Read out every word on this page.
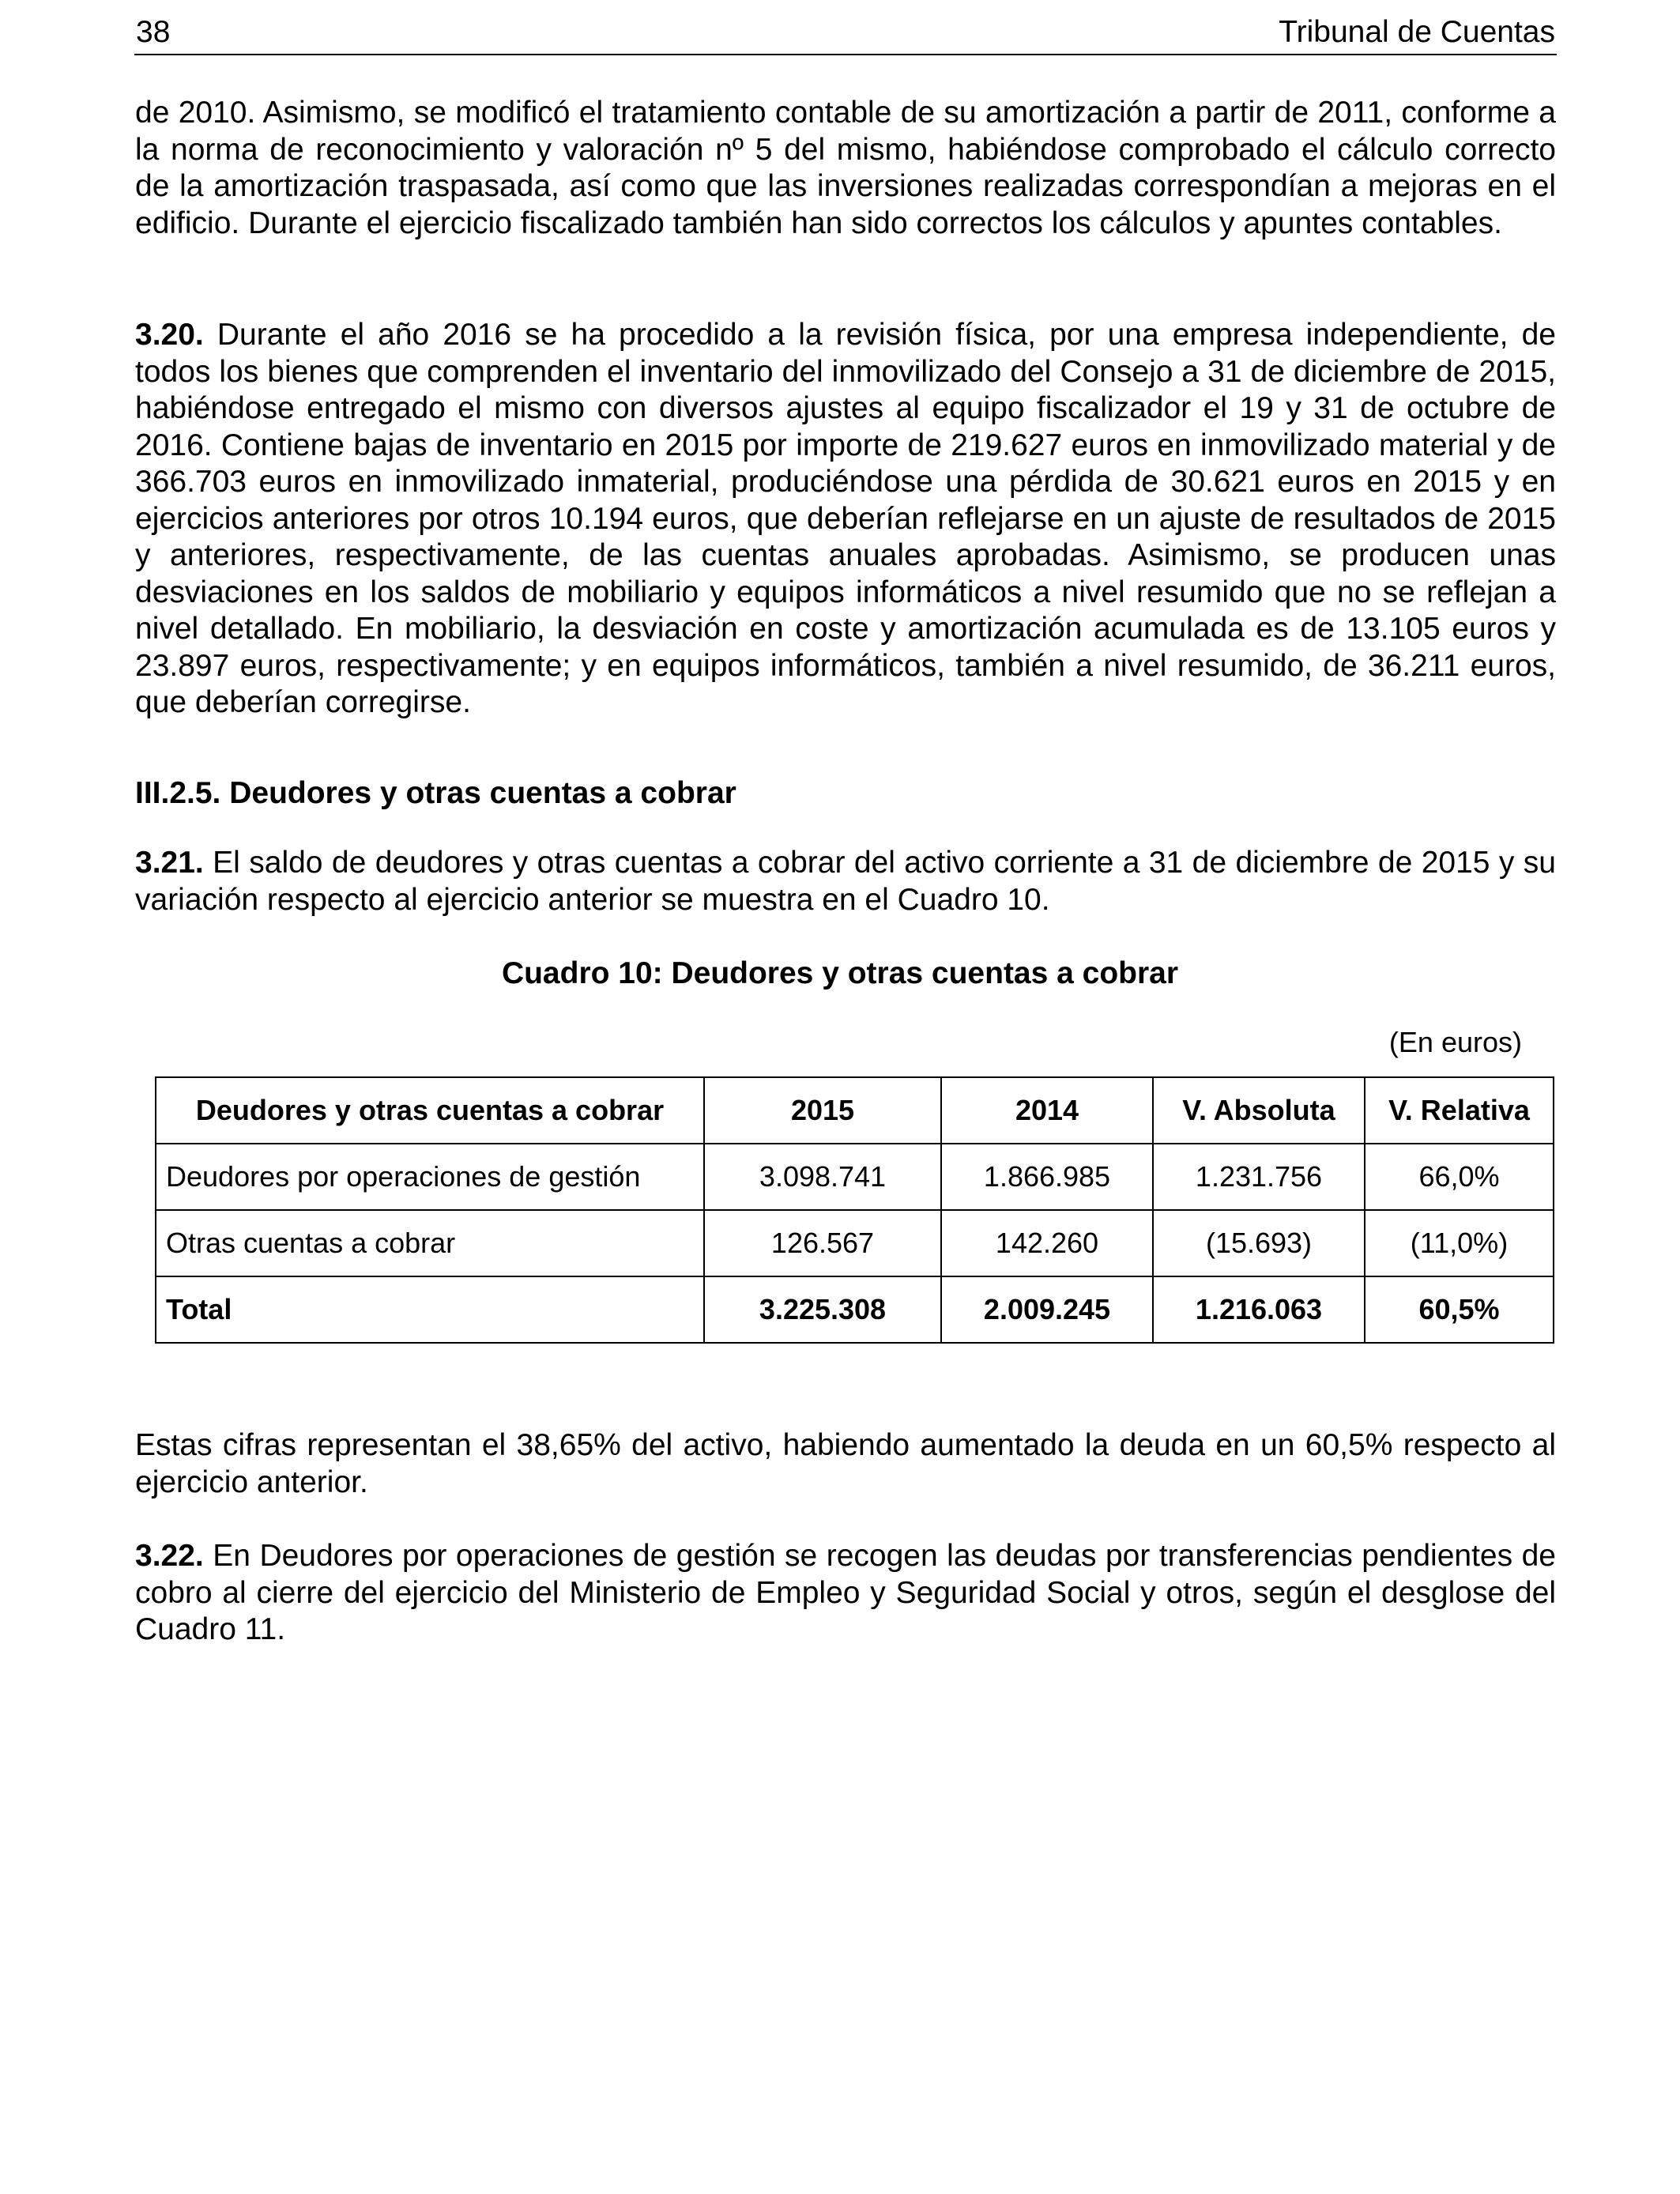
38	Tribunal de Cuentas

de 2010. Asimismo, se modificó el tratamiento contable de su amortización a partir de 2011, conforme a la norma de reconocimiento y valoración nº 5 del mismo, habiéndose comprobado el cálculo correcto de la amortización traspasada, así como que las inversiones realizadas correspondían a mejoras en el edificio. Durante el ejercicio fiscalizado también han sido correctos los cálculos y apuntes contables.

3.20. Durante el año 2016 se ha procedido a la revisión física, por una empresa independiente, de todos los bienes que comprenden el inventario del inmovilizado del Consejo a 31 de diciembre de 2015, habiéndose entregado el mismo con diversos ajustes al equipo fiscalizador el 19 y 31 de octubre de 2016. Contiene bajas de inventario en 2015 por importe de 219.627 euros en inmovilizado material y de 366.703 euros en inmovilizado inmaterial, produciéndose una pérdida de 30.621 euros en 2015 y en ejercicios anteriores por otros 10.194 euros, que deberían reflejarse en un ajuste de resultados de 2015 y anteriores, respectivamente, de las cuentas anuales aprobadas. Asimismo, se producen unas desviaciones en los saldos de mobiliario y equipos informáticos a nivel resumido que no se reflejan a nivel detallado. En mobiliario, la desviación en coste y amortización acumulada es de 13.105 euros y 23.897 euros, respectivamente; y en equipos informáticos, también a nivel resumido, de 36.211 euros, que deberían corregirse.

III.2.5. Deudores y otras cuentas a cobrar

3.21. El saldo de deudores y otras cuentas a cobrar del activo corriente a 31 de diciembre de 2015 y su variación respecto al ejercicio anterior se muestra en el Cuadro 10.

Cuadro 10: Deudores y otras cuentas a cobrar
(En euros)
Deudores y otras cuentas a cobrar	2015	2014	V. Absoluta	V. Relativa
Deudores por operaciones de gestión	3.098.741	1.866.985	1.231.756	66,0%
Otras cuentas a cobrar	126.567	142.260	(15.693)	(11,0%)
Total	3.225.308	2.009.245	1.216.063	60,5%

Estas cifras representan el 38,65% del activo, habiendo aumentado la deuda en un 60,5% respecto al ejercicio anterior.

3.22. En Deudores por operaciones de gestión se recogen las deudas por transferencias pendientes de cobro al cierre del ejercicio del Ministerio de Empleo y Seguridad Social y otros, según el desglose del Cuadro 11.
